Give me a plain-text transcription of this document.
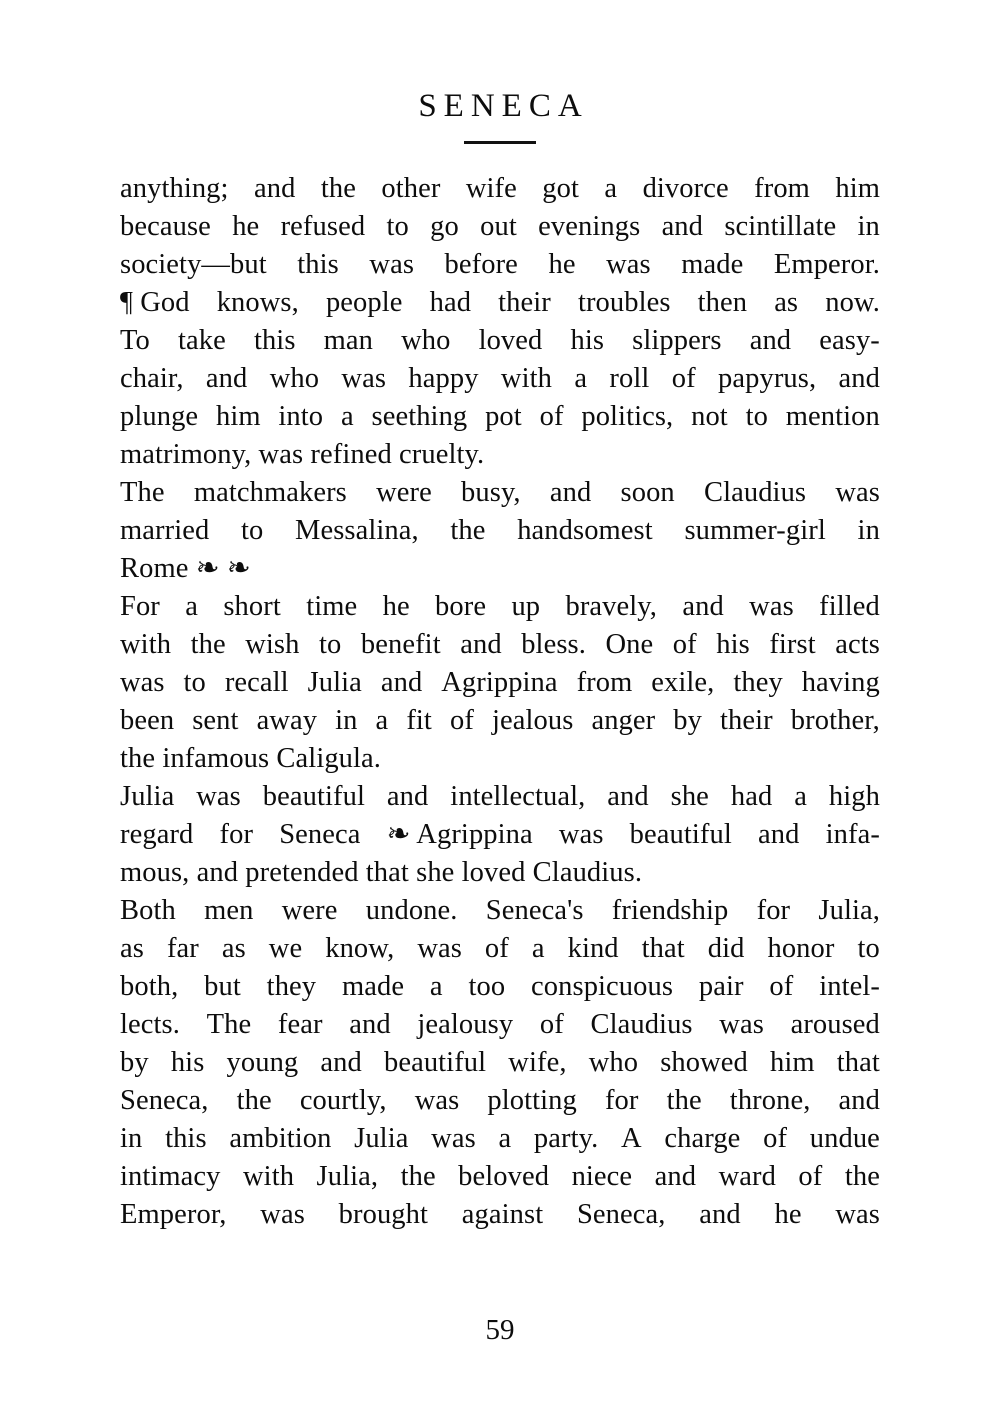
SENECA
anything; and the other wife got a divorce from him
because he refused to go out evenings and scintillate in
society—but this was before he was made Emperor.
¶ God knows, people had their troubles then as now.
To take this man who loved his slippers and easy-
chair, and who was happy with a roll of papyrus, and
plunge him into a seething pot of politics, not to mention
matrimony, was refined cruelty.
The matchmakers were busy, and soon Claudius was
married to Messalina, the handsomest summer-girl in
Rome ❧ ❧
For a short time he bore up bravely, and was filled
with the wish to benefit and bless. One of his first acts
was to recall Julia and Agrippina from exile, they having
been sent away in a fit of jealous anger by their brother,
the infamous Caligula.
Julia was beautiful and intellectual, and she had a high
regard for Seneca ❧ Agrippina was beautiful and infa-
mous, and pretended that she loved Claudius.
Both men were undone. Seneca's friendship for Julia,
as far as we know, was of a kind that did honor to
both, but they made a too conspicuous pair of intel-
lects. The fear and jealousy of Claudius was aroused
by his young and beautiful wife, who showed him that
Seneca, the courtly, was plotting for the throne, and
in this ambition Julia was a party. A charge of undue
intimacy with Julia, the beloved niece and ward of the
Emperor, was brought against Seneca, and he was
59
